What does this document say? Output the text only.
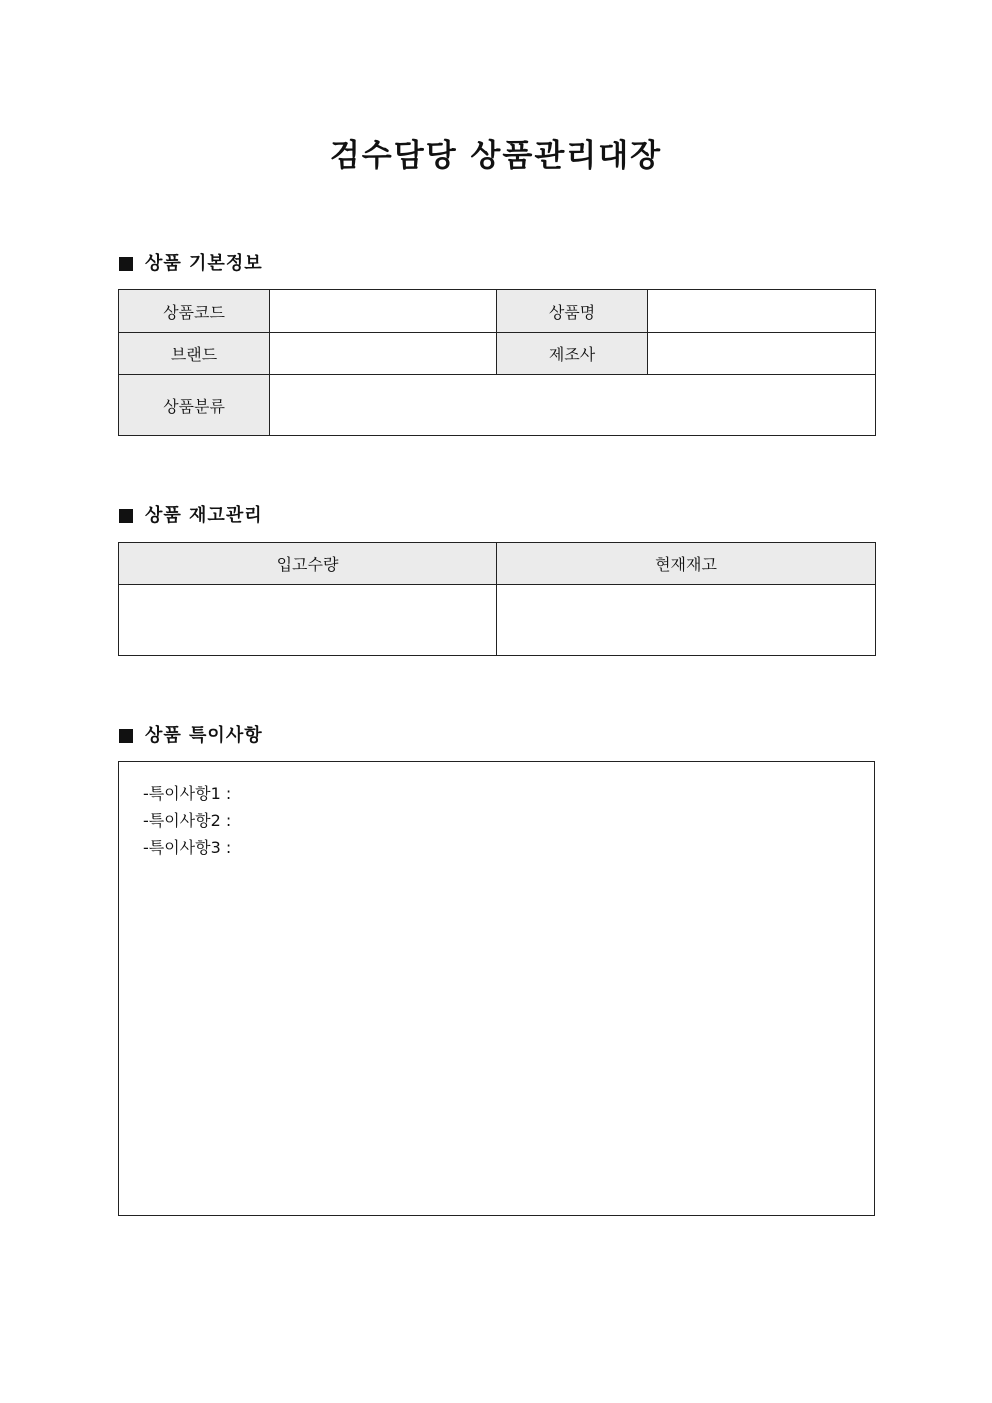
검수담당 상품관리대장
상품 기본정보
상품코드		상품명	
브랜드		제조사	
상품분류			
상품 재고관리
입고수량	현재재고

상품 특이사항
-특이사항1 :
-특이사항2 :
-특이사항3 :
